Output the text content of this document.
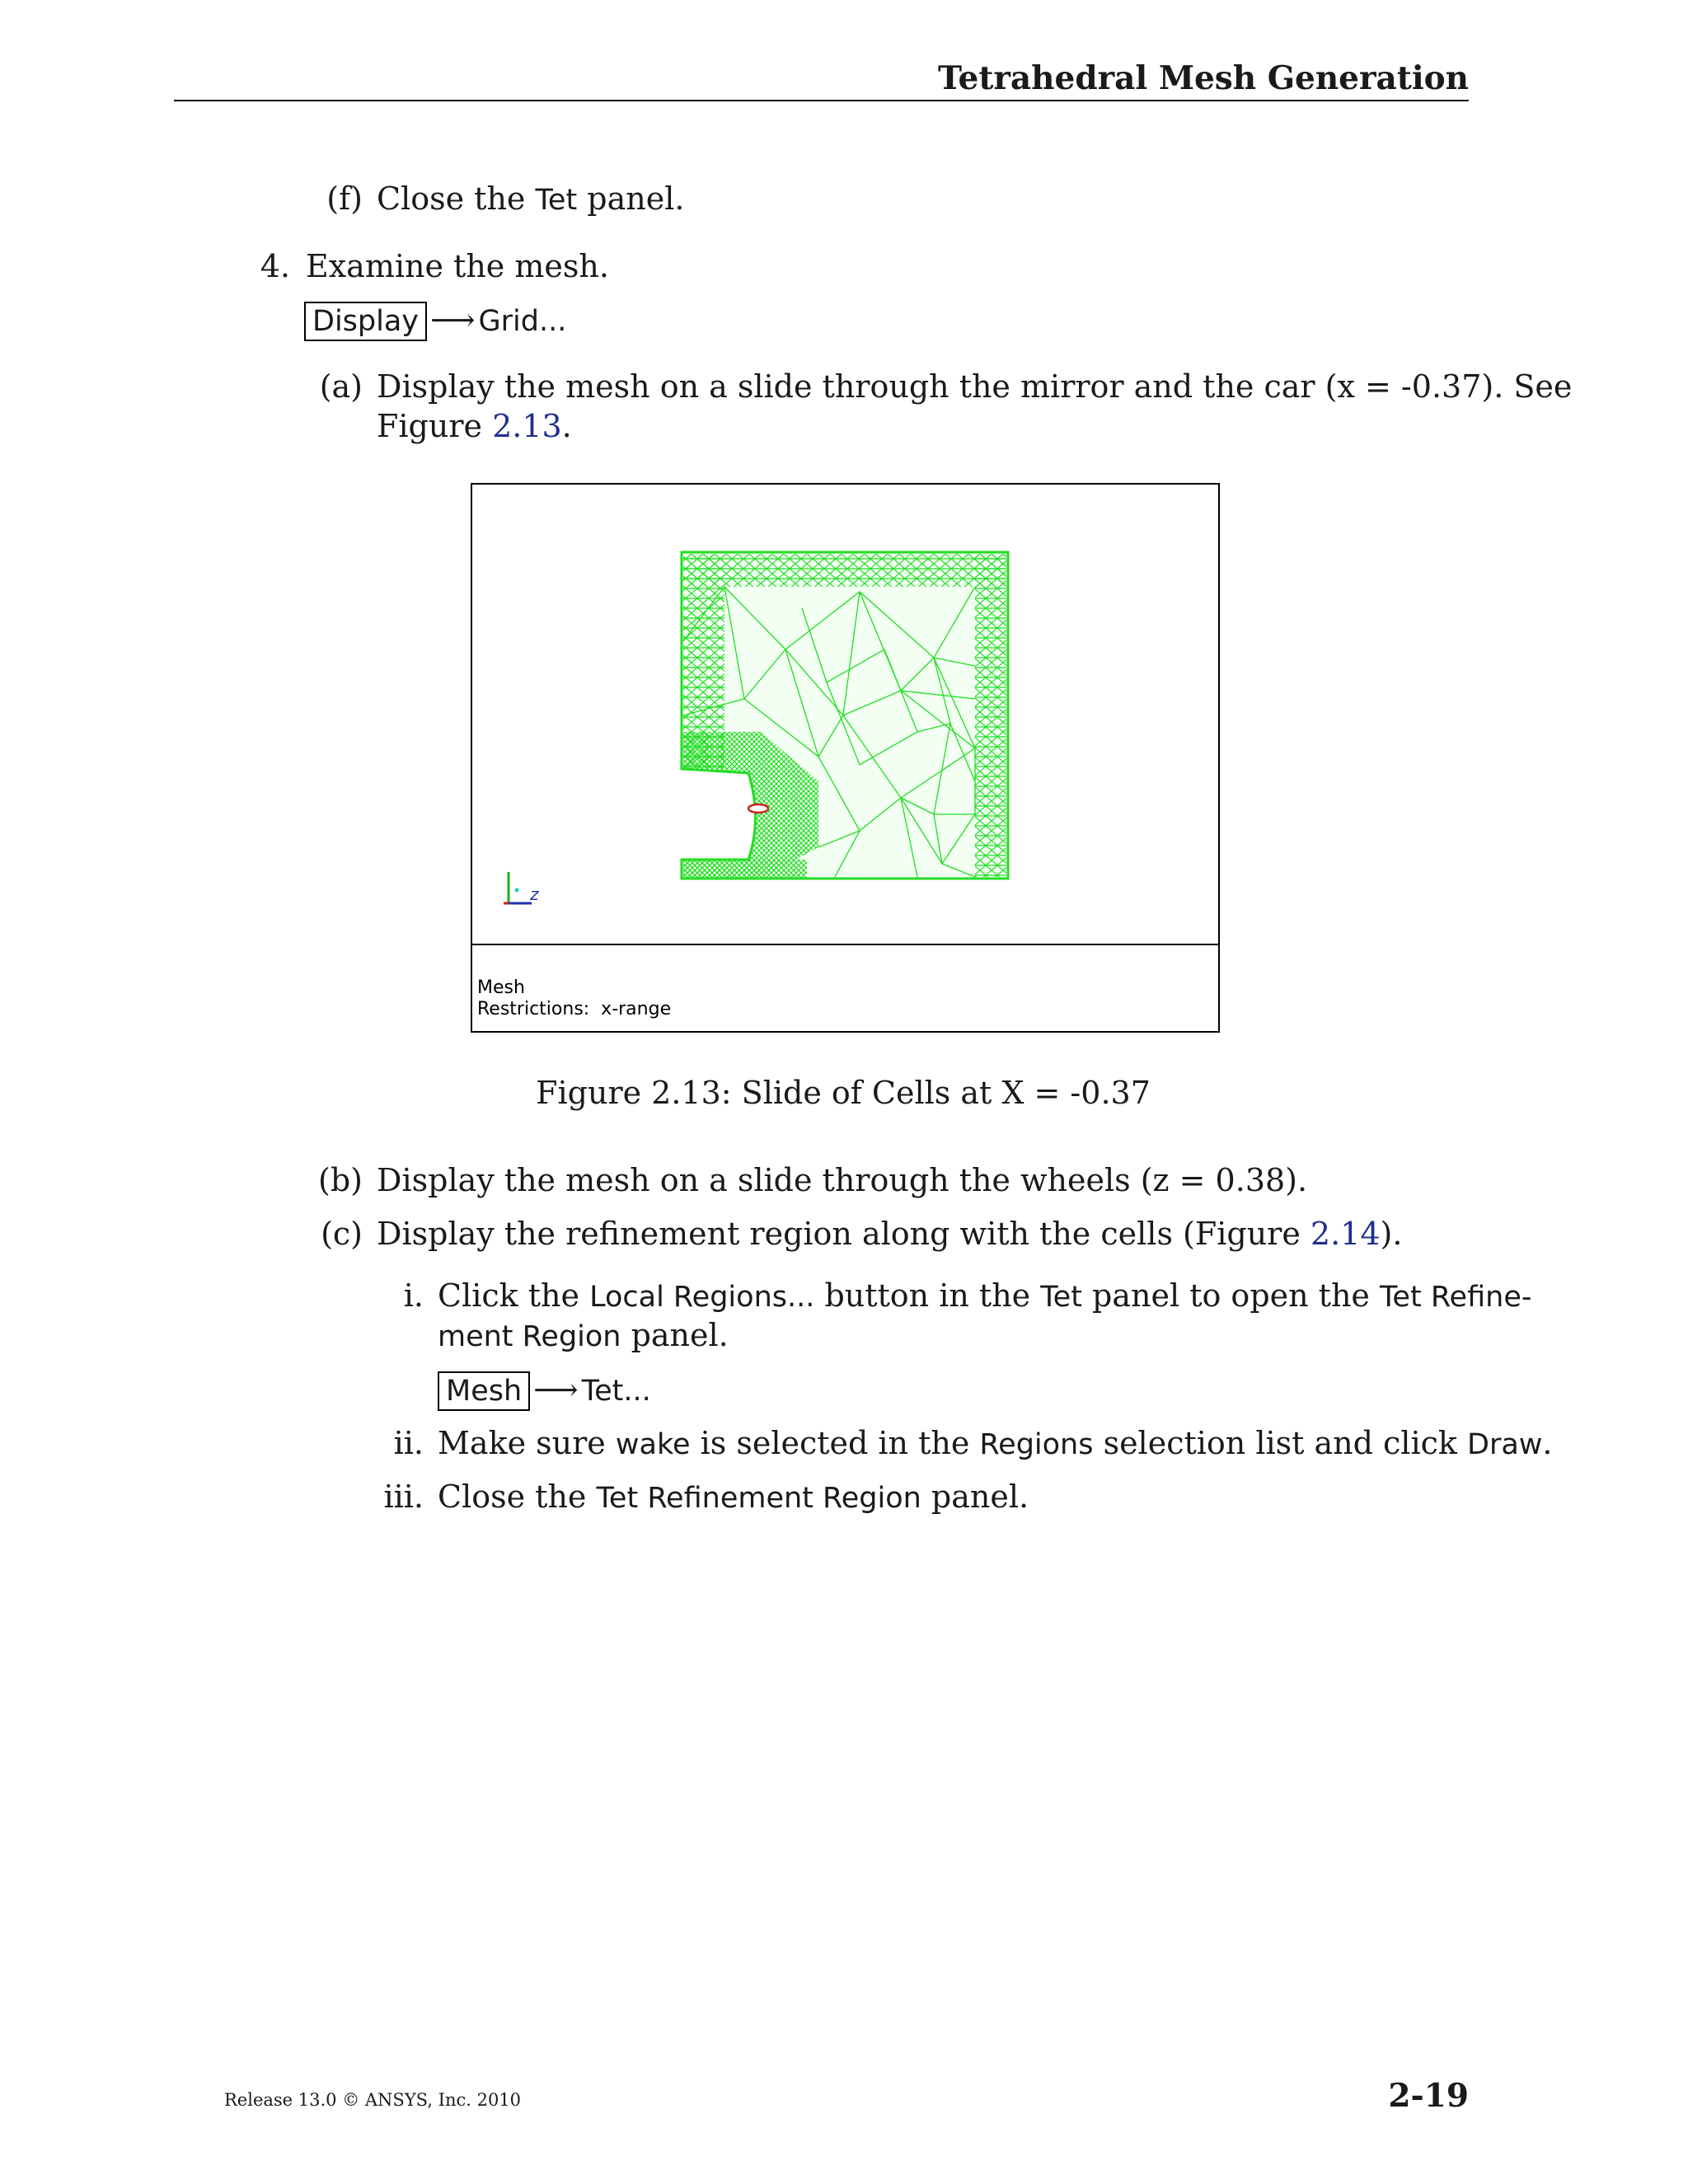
Tetrahedral Mesh Generation
(f) Close the Tet panel.
4. Examine the mesh.
Display ⟶ Grid...
(a) Display the mesh on a slide through the mirror and the car (x = -0.37). See
Figure 2.13.
z
Mesh
Restrictions:  x-range
Figure 2.13: Slide of Cells at X = -0.37
(b) Display the mesh on a slide through the wheels (z = 0.38).
(c) Display the refinement region along with the cells (Figure 2.14).
i. Click the Local Regions... button in the Tet panel to open the Tet Refine-
ment Region panel.
Mesh ⟶ Tet...
ii. Make sure wake is selected in the Regions selection list and click Draw.
iii. Close the Tet Refinement Region panel.
Release 13.0 © ANSYS, Inc. 2010	2-19
